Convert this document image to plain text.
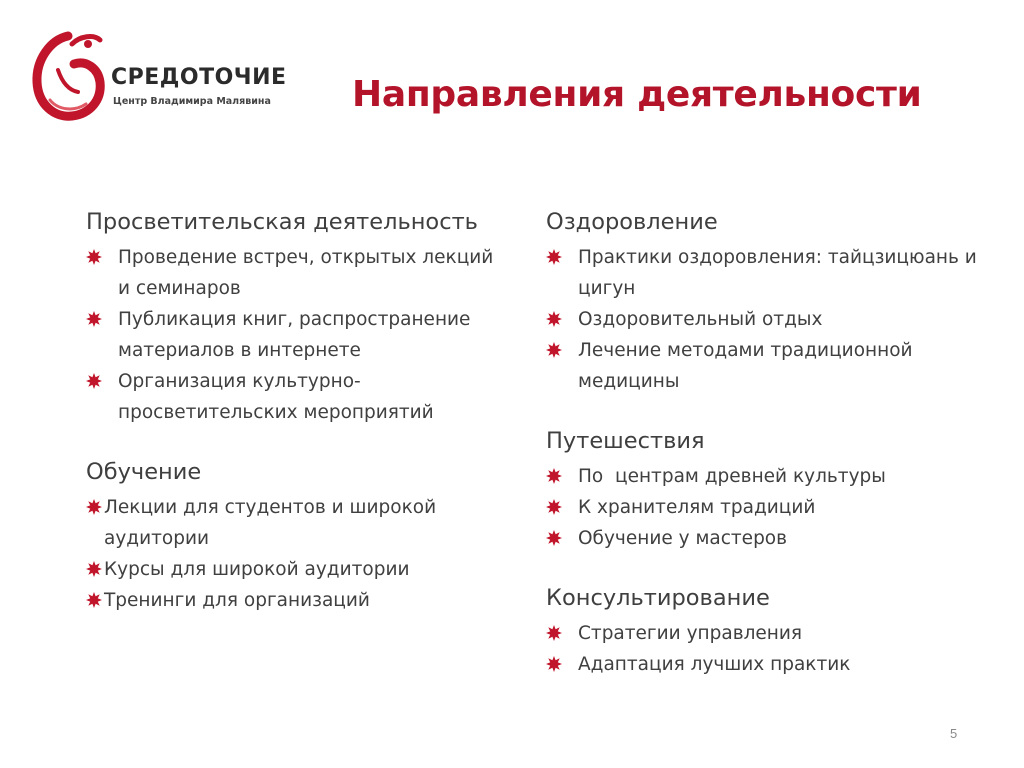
СРЕДОТОЧИЕ
Центр Владимира Малявина Направления деятельности

Просветительская деятельность

Проведение встреч, открытых лекций и семинаров
Публикация книг, распространение материалов в интернете
Организация культурно-просветительских мероприятий

Обучение

Лекции для студентов и широкой аудитории
Курсы для широкой аудитории
Тренинги для организаций

Оздоровление

Практики оздоровления: тайцзицюань и цигун
Оздоровительный отдых
Лечение методами традиционной медицины

Путешествия

По  центрам древней культуры
К хранителям традиций
Обучение у мастеров

Консультирование

Стратегии управления
Адаптация лучших практик
5
